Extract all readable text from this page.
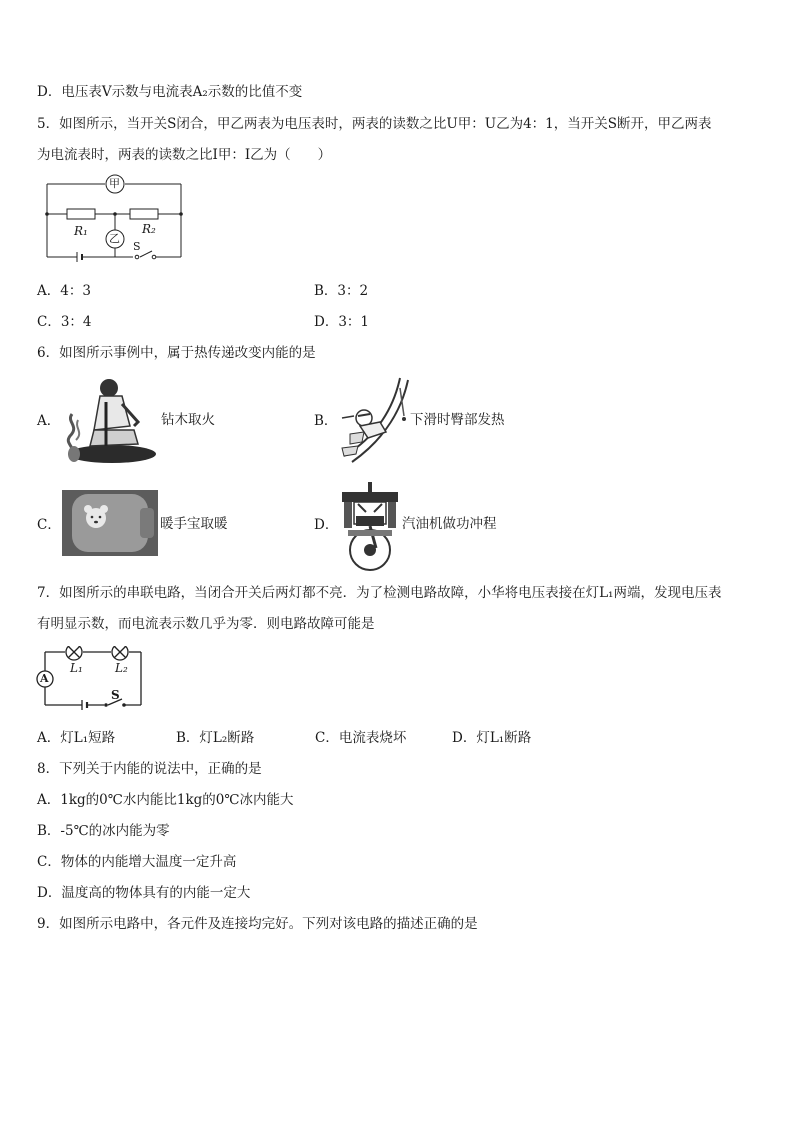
D．电压表V示数与电流表A₂示数的比值不变
5．如图所示，当开关S闭合，甲乙两表为电压表时，两表的读数之比U甲：U乙为4：1，当开关S断开，甲乙两表
为电流表时，两表的读数之比I甲：I乙为（　　）
甲
乙
R₁	R₂
S
A．4：3	B．3：2
C．3：4	D．3：1
6．如图所示事例中，属于热传递改变内能的是
A．	钻木取火	B．	下滑时臀部发热
C．	暖手宝取暖	D．	汽油机做功冲程
7．如图所示的串联电路，当闭合开关后两灯都不亮．为了检测电路故障，小华将电压表接在灯L₁两端，发现电压表
有明显示数，而电流表示数几乎为零．则电路故障可能是
A
L₁	L₂
S
A．灯L₁短路	B．灯L₂断路	C．电流表烧坏	D．灯L₁断路
8．下列关于内能的说法中，正确的是
A．1kg的0℃水内能比1kg的0℃冰内能大
B．-5℃的冰内能为零
C．物体的内能增大温度一定升高
D．温度高的物体具有的内能一定大
9．如图所示电路中，各元件及连接均完好。下列对该电路的描述正确的是
